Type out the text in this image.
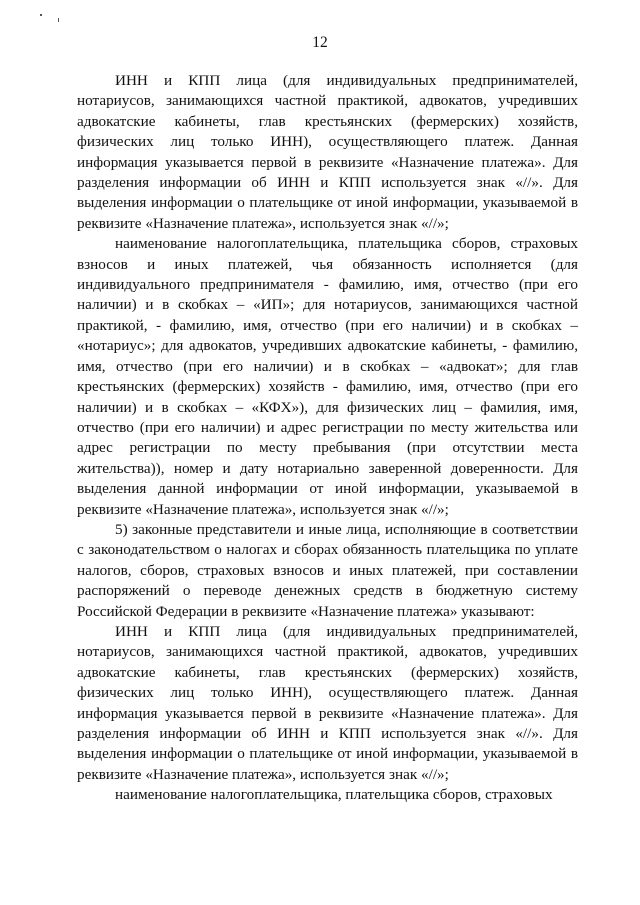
12

ИНН и КПП лица (для индивидуальных предпринимателей, нотариусов, занимающихся частной практикой, адвокатов, учредивших адвокатские кабинеты, глав крестьянских (фермерских) хозяйств, физических лиц только ИНН), осуществляющего платеж. Данная информация указывается первой в реквизите «Назначение платежа». Для разделения информации об ИНН и КПП используется знак «//». Для выделения информации о плательщике от иной информации, указываемой в реквизите «Назначение платежа», используется знак «//»;

наименование налогоплательщика, плательщика сборов, страховых взносов и иных платежей, чья обязанность исполняется (для индивидуального предпринимателя - фамилию, имя, отчество (при его наличии) и в скобках – «ИП»; для нотариусов, занимающихся частной практикой, - фамилию, имя, отчество (при его наличии) и в скобках – «нотариус»; для адвокатов, учредивших адвокатские кабинеты, - фамилию, имя, отчество (при его наличии) и в скобках – «адвокат»; для глав крестьянских (фермерских) хозяйств - фамилию, имя, отчество (при его наличии) и в скобках – «КФХ»), для физических лиц – фамилия, имя, отчество (при его наличии) и адрес регистрации по месту жительства или адрес регистрации по месту пребывания (при отсутствии места жительства)), номер и дату нотариально заверенной доверенности. Для выделения данной информации от иной информации, указываемой в реквизите «Назначение платежа», используется знак «//»;

5) законные представители и иные лица, исполняющие в соответствии с законодательством о налогах и сборах обязанность плательщика по уплате налогов, сборов, страховых взносов и иных платежей, при составлении распоряжений о переводе денежных средств в бюджетную систему Российской Федерации в реквизите «Назначение платежа» указывают:

ИНН и КПП лица (для индивидуальных предпринимателей, нотариусов, занимающихся частной практикой, адвокатов, учредивших адвокатские кабинеты, глав крестьянских (фермерских) хозяйств, физических лиц только ИНН), осуществляющего платеж. Данная информация указывается первой в реквизите «Назначение платежа». Для разделения информации об ИНН и КПП используется знак «//». Для выделения информации о плательщике от иной информации, указываемой в реквизите «Назначение платежа», используется знак «//»;

наименование налогоплательщика, плательщика сборов, страховых
